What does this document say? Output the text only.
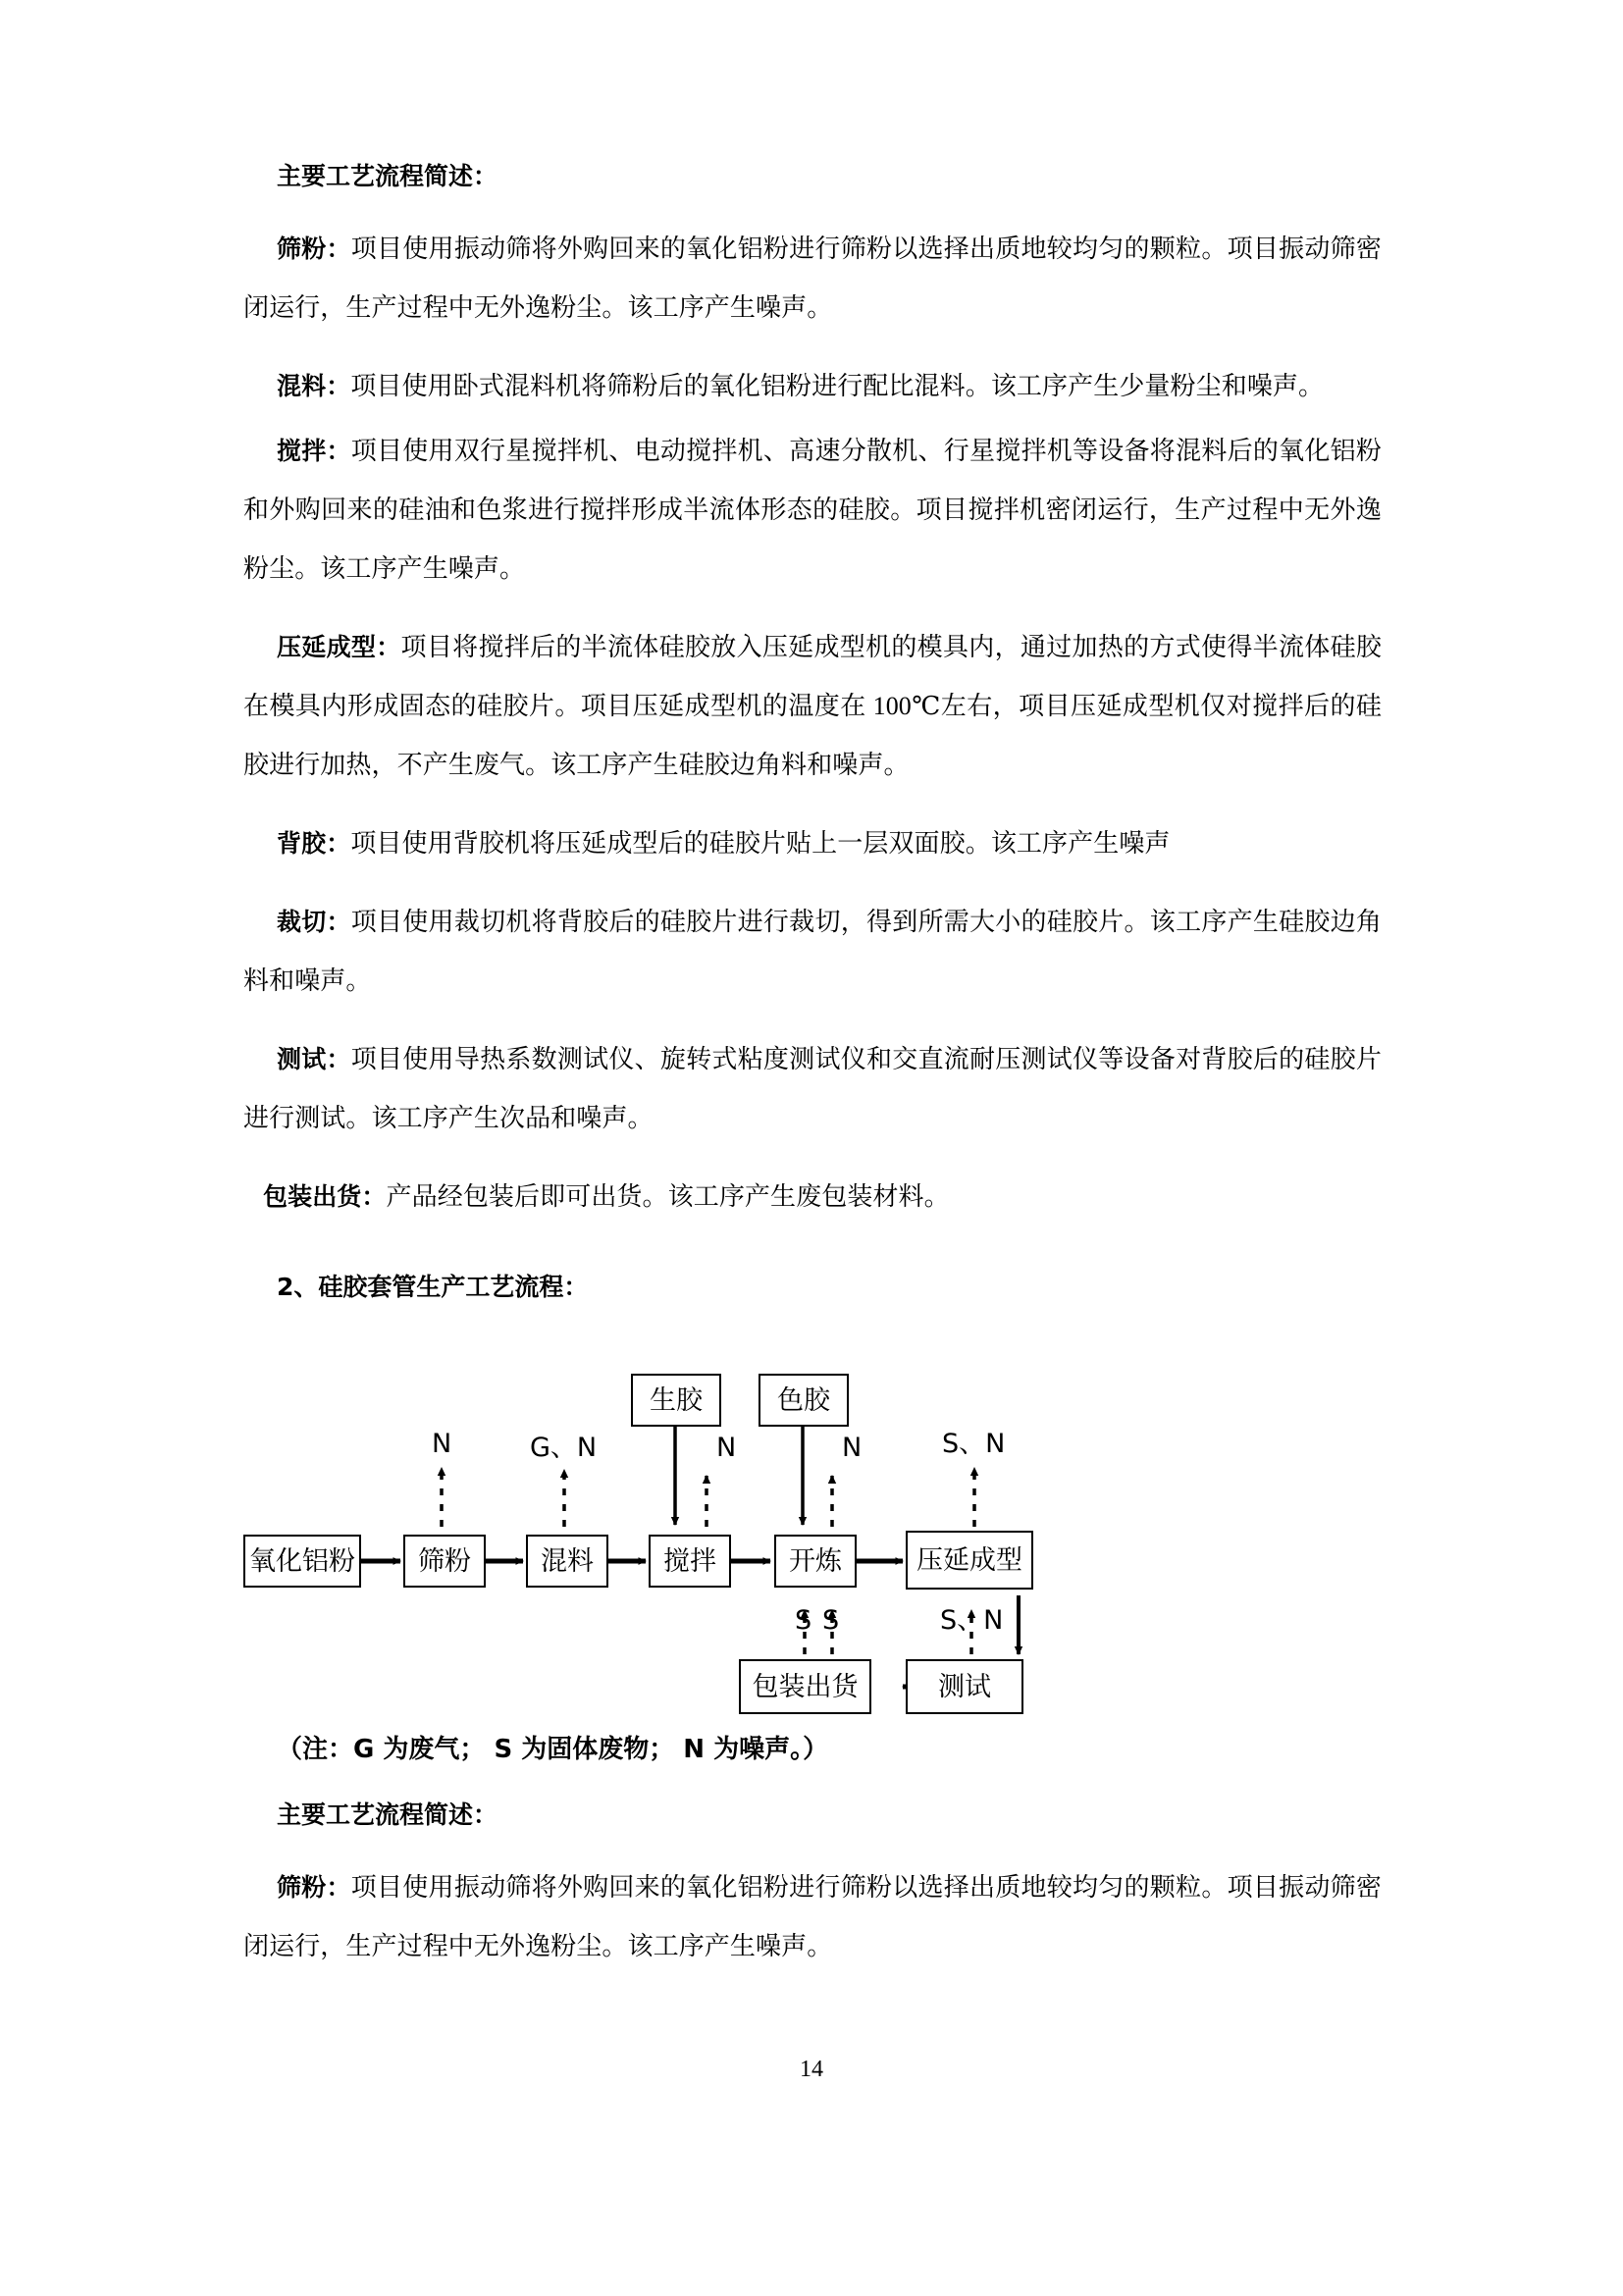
主要工艺流程简述：

筛粉：项目使用振动筛将外购回来的氧化铝粉进行筛粉以选择出质地较均匀的颗粒。项目振动筛密闭运行，生产过程中无外逸粉尘。该工序产生噪声。

混料：项目使用卧式混料机将筛粉后的氧化铝粉进行配比混料。该工序产生少量粉尘和噪声。

搅拌：项目使用双行星搅拌机、电动搅拌机、高速分散机、行星搅拌机等设备将混料后的氧化铝粉和外购回来的硅油和色浆进行搅拌形成半流体形态的硅胶。项目搅拌机密闭运行，生产过程中无外逸粉尘。该工序产生噪声。

压延成型：项目将搅拌后的半流体硅胶放入压延成型机的模具内，通过加热的方式使得半流体硅胶在模具内形成固态的硅胶片。项目压延成型机的温度在 100℃左右，项目压延成型机仅对搅拌后的硅胶进行加热，不产生废气。该工序产生硅胶边角料和噪声。

背胶：项目使用背胶机将压延成型后的硅胶片贴上一层双面胶。该工序产生噪声

裁切：项目使用裁切机将背胶后的硅胶片进行裁切，得到所需大小的硅胶片。该工序产生硅胶边角料和噪声。

测试：项目使用导热系数测试仪、旋转式粘度测试仪和交直流耐压测试仪等设备对背胶后的硅胶片进行测试。该工序产生次品和噪声。

包装出货：产品经包装后即可出货。该工序产生废包装材料。

2、硅胶套管生产工艺流程：

氧化铝粉	筛粉	混料	搅拌	开炼	压延成型
生胶	色胶
测试
包装出货
N	G、N	N	N	S、N
S	S、N
S

（注：G 为废气； S 为固体废物； N 为噪声。）

主要工艺流程简述：

筛粉：项目使用振动筛将外购回来的氧化铝粉进行筛粉以选择出质地较均匀的颗粒。项目振动筛密闭运行，生产过程中无外逸粉尘。该工序产生噪声。

14
